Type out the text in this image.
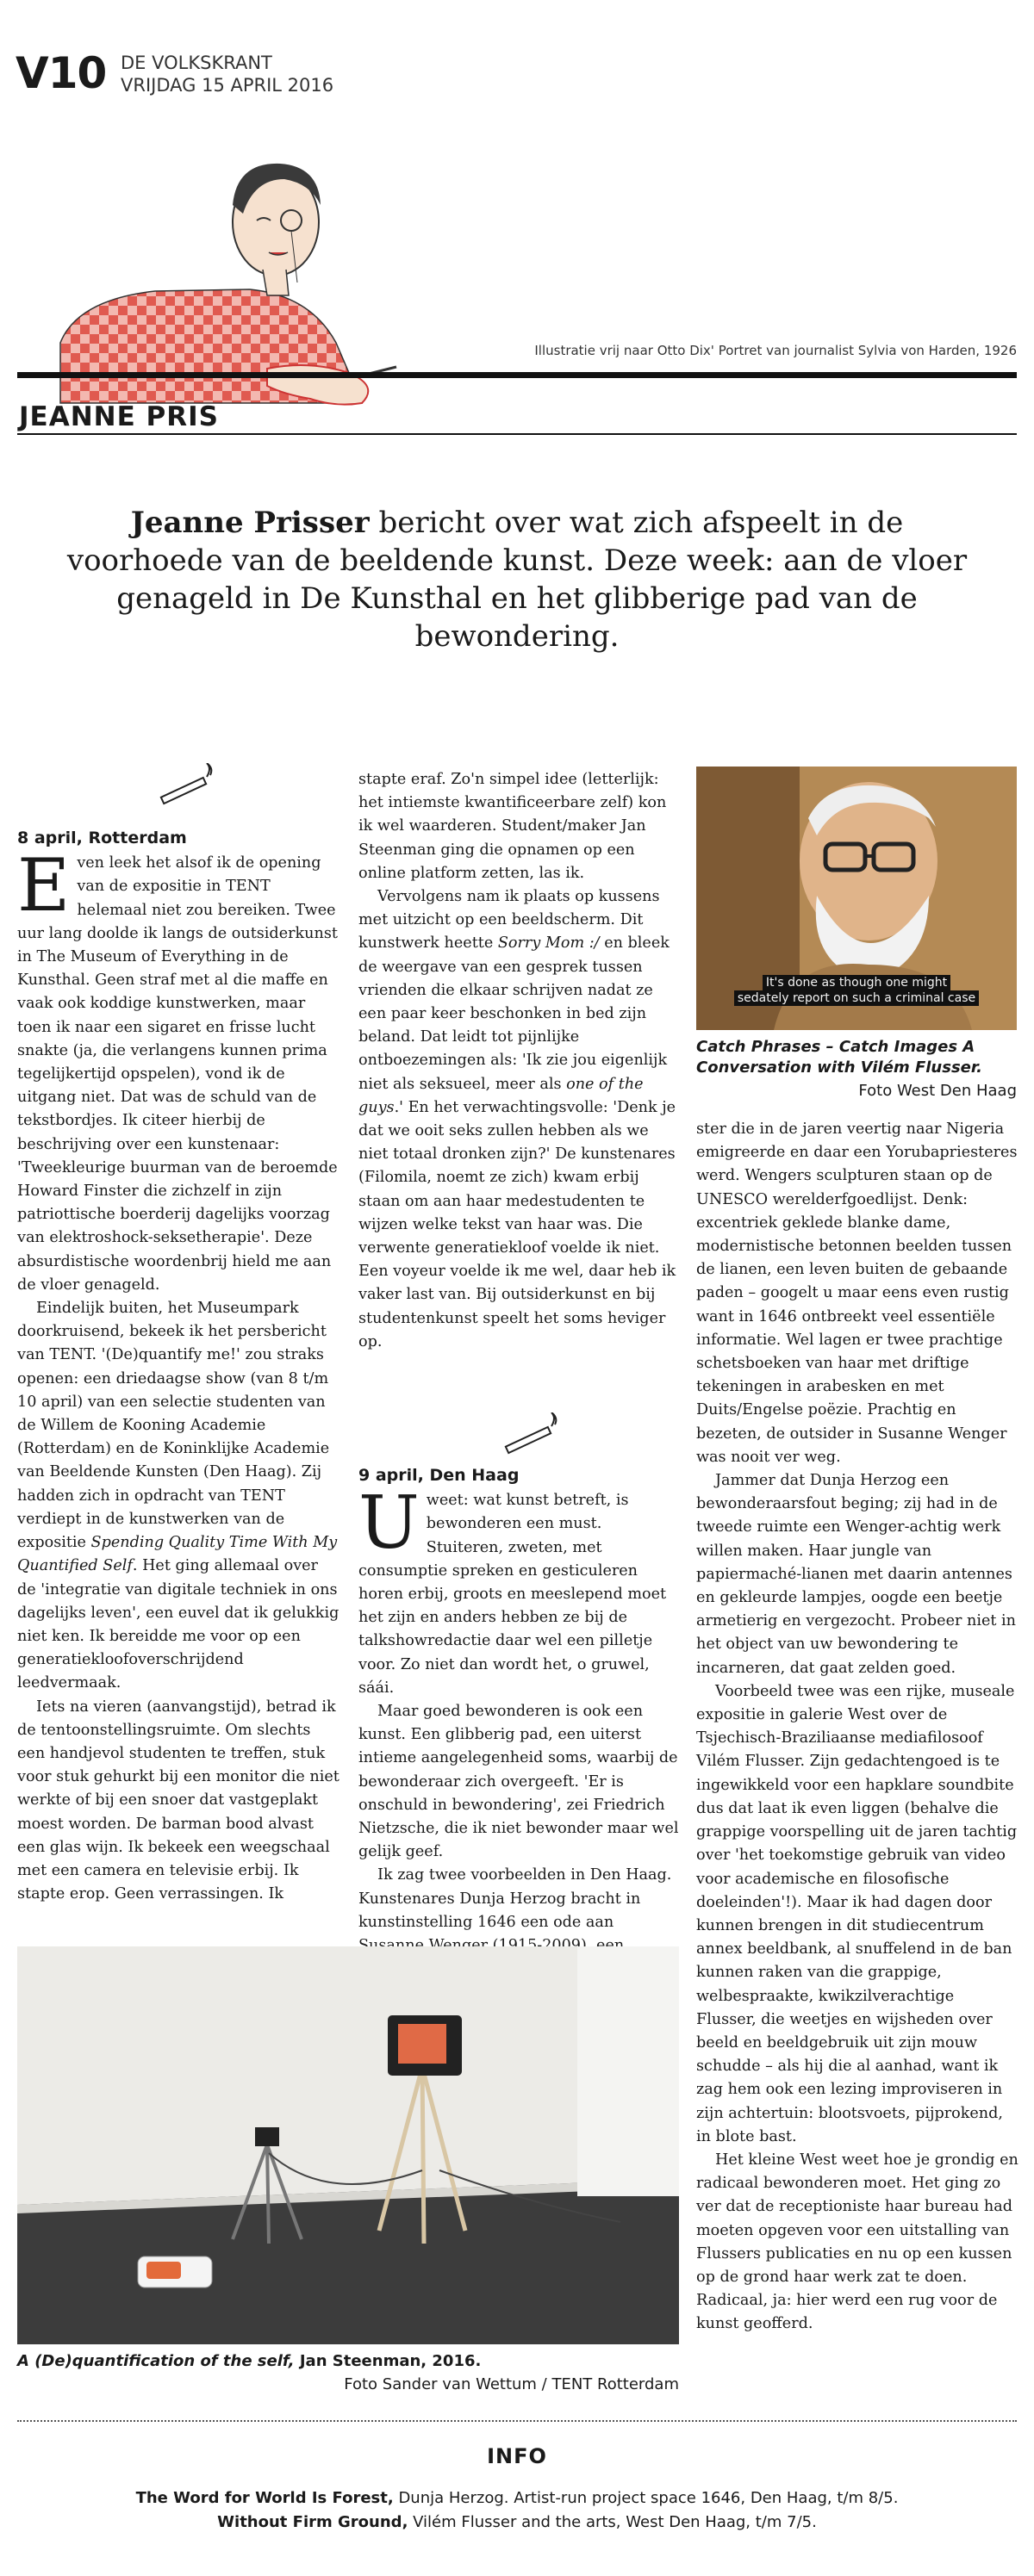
V10 DE VOLKSKRANT
VRIJDAG 15 APRIL 2016
Illustratie vrij naar Otto Dix' Portret van journalist Sylvia von Harden, 1926
JEANNE PRIS
Jeanne Prisser bericht over wat zich afspeelt in de voorhoede van de beeldende kunst. Deze week: aan de vloer genageld in De Kunsthal en het glibberige pad van de bewondering.
8 april, Rotterdam

Even leek het alsof ik de opening van de expositie in TENT helemaal niet zou bereiken. Twee uur lang doolde ik langs de outsiderkunst in The Museum of Everything in de Kunsthal. Geen straf met al die maffe en vaak ook koddige kunstwerken, maar toen ik naar een sigaret en frisse lucht snakte (ja, die verlangens kunnen prima tegelijkertijd opspelen), vond ik de uitgang niet. Dat was de schuld van de tekstbordjes. Ik citeer hierbij de beschrijving over een kunstenaar: 'Tweekleurige buurman van de beroemde Howard Finster die zichzelf in zijn patriottische boerderij dagelijks voorzag van elektroshock-seksetherapie'. Deze absurdistische woordenbrij hield me aan de vloer genageld.

Eindelijk buiten, het Museumpark doorkruisend, bekeek ik het persbericht van TENT. '(De)quantify me!' zou straks openen: een driedaagse show (van 8 t/m 10 april) van een selectie studenten van de Willem de Kooning Academie (Rotterdam) en de Koninklijke Academie van Beeldende Kunsten (Den Haag). Zij hadden zich in opdracht van TENT verdiept in de kunstwerken van de expositie Spending Quality Time With My Quantified Self. Het ging allemaal over de 'integratie van digitale techniek in ons dagelijks leven', een euvel dat ik gelukkig niet ken. Ik bereidde me voor op een generatiekloofoverschrijdend leedvermaak.

Iets na vieren (aanvangstijd), betrad ik de tentoonstellingsruimte. Om slechts een handjevol studenten te treffen, stuk voor stuk gehurkt bij een monitor die niet werkte of bij een snoer dat vastgeplakt moest worden. De barman bood alvast een glas wijn. Ik bekeek een weegschaal met een camera en televisie erbij. Ik stapte erop. Geen verrassingen. Ik

stapte eraf. Zo'n simpel idee (letterlijk: het intiemste kwantificeerbare zelf) kon ik wel waarderen. Student/maker Jan Steenman ging die opnamen op een online platform zetten, las ik.

Vervolgens nam ik plaats op kussens met uitzicht op een beeldscherm. Dit kunstwerk heette Sorry Mom :/ en bleek de weergave van een gesprek tussen vrienden die elkaar schrijven nadat ze een paar keer beschonken in bed zijn beland. Dat leidt tot pijnlijke ontboezemingen als: 'Ik zie jou eigenlijk niet als seksueel, meer als one of the guys.' En het verwachtingsvolle: 'Denk je dat we ooit seks zullen hebben als we niet totaal dronken zijn?' De kunstenares (Filomila, noemt ze zich) kwam erbij staan om aan haar medestudenten te wijzen welke tekst van haar was. Die verwente generatiekloof voelde ik niet. Een voyeur voelde ik me wel, daar heb ik vaker last van. Bij outsiderkunst en bij studentenkunst speelt het soms heviger op.

9 april, Den Haag

Uweet: wat kunst betreft, is bewonderen een must. Stuiteren, zweten, met consumptie spreken en gesticuleren horen erbij, groots en meeslepend moet het zijn en anders hebben ze bij de talkshowredactie daar wel een pilletje voor. Zo niet dan wordt het, o gruwel, sáái.

Maar goed bewonderen is ook een kunst. Een glibberig pad, een uiterst intieme aangelegenheid soms, waarbij de bewonderaar zich overgeeft. 'Er is onschuld in bewondering', zei Friedrich Nietzsche, die ik niet bewonder maar wel gelijk geef.

Ik zag twee voorbeelden in Den Haag. Kunstenares Dunja Herzog bracht in kunstinstelling 1646 een ode aan

It's done as though one might
sedately report on such a criminal case
Catch Phrases – Catch Images A Conversation with Vilém Flusser.
Foto West Den Haag

ster die in de jaren veertig naar Nigeria emigreerde en daar een Yorubapriesteres werd. Wengers sculpturen staan op de UNESCO werelderfgoedlijst. Denk: excentriek geklede blanke dame, modernistische betonnen beelden tussen de lianen, een leven buiten de gebaande paden – googelt u maar eens even rustig want in 1646 ontbreekt veel essentiële informatie. Wel lagen er twee prachtige schetsboeken van haar met driftige tekeningen in arabesken en met Duits/Engelse poëzie. Prachtig en bezeten, de outsider in Susanne Wenger was nooit ver weg.

Jammer dat Dunja Herzog een bewonderaarsfout beging; zij had in de tweede ruimte een Wenger-achtig werk willen maken. Haar jungle van papiermaché-lianen met daarin antennes en gekleurde lampjes, oogde een beetje armetierig en vergezocht. Probeer niet in het object van uw bewondering te incarneren, dat gaat zelden goed.

Voorbeeld twee was een rijke, museale expositie in galerie West over de Tsjechisch-Braziliaanse mediafilosoof Vilém Flusser. Zijn gedachtengoed is te ingewikkeld voor een hapklare soundbite dus dat laat ik even liggen (behalve die grappige voorspelling uit de jaren tachtig over 'het toekomstige gebruik van video voor academische en filosofische doeleinden'!). Maar ik had dagen door kunnen brengen in dit studiecentrum annex beeldbank, al snuffelend in de ban kunnen raken van die grappige, welbespraakte, kwikzilverachtige Flusser, die weetjes en wijsheden over beeld en beeldgebruik uit zijn mouw schudde – als hij die al aanhad, want ik zag hem ook een lezing improviseren in zijn achtertuin: blootsvoets, pijprokend, in blote bast.

Het kleine West weet hoe je grondig en radicaal bewonderen moet. Het ging zo ver dat de receptioniste haar bureau had moeten opgeven voor een uitstalling van Flussers publicaties en nu op een kussen op de grond haar werk zat te doen. Radicaal, ja: hier werd een rug voor de kunst geofferd.

A (De)quantification of the self, Jan Steenman, 2016.
Foto Sander van Wettum / TENT Rotterdam
INFO
The Word for World Is Forest, Dunja Herzog. Artist-run project space 1646, Den Haag, t/m 8/5.
Without Firm Ground, Vilém Flusser and the arts, West Den Haag, t/m 7/5.
